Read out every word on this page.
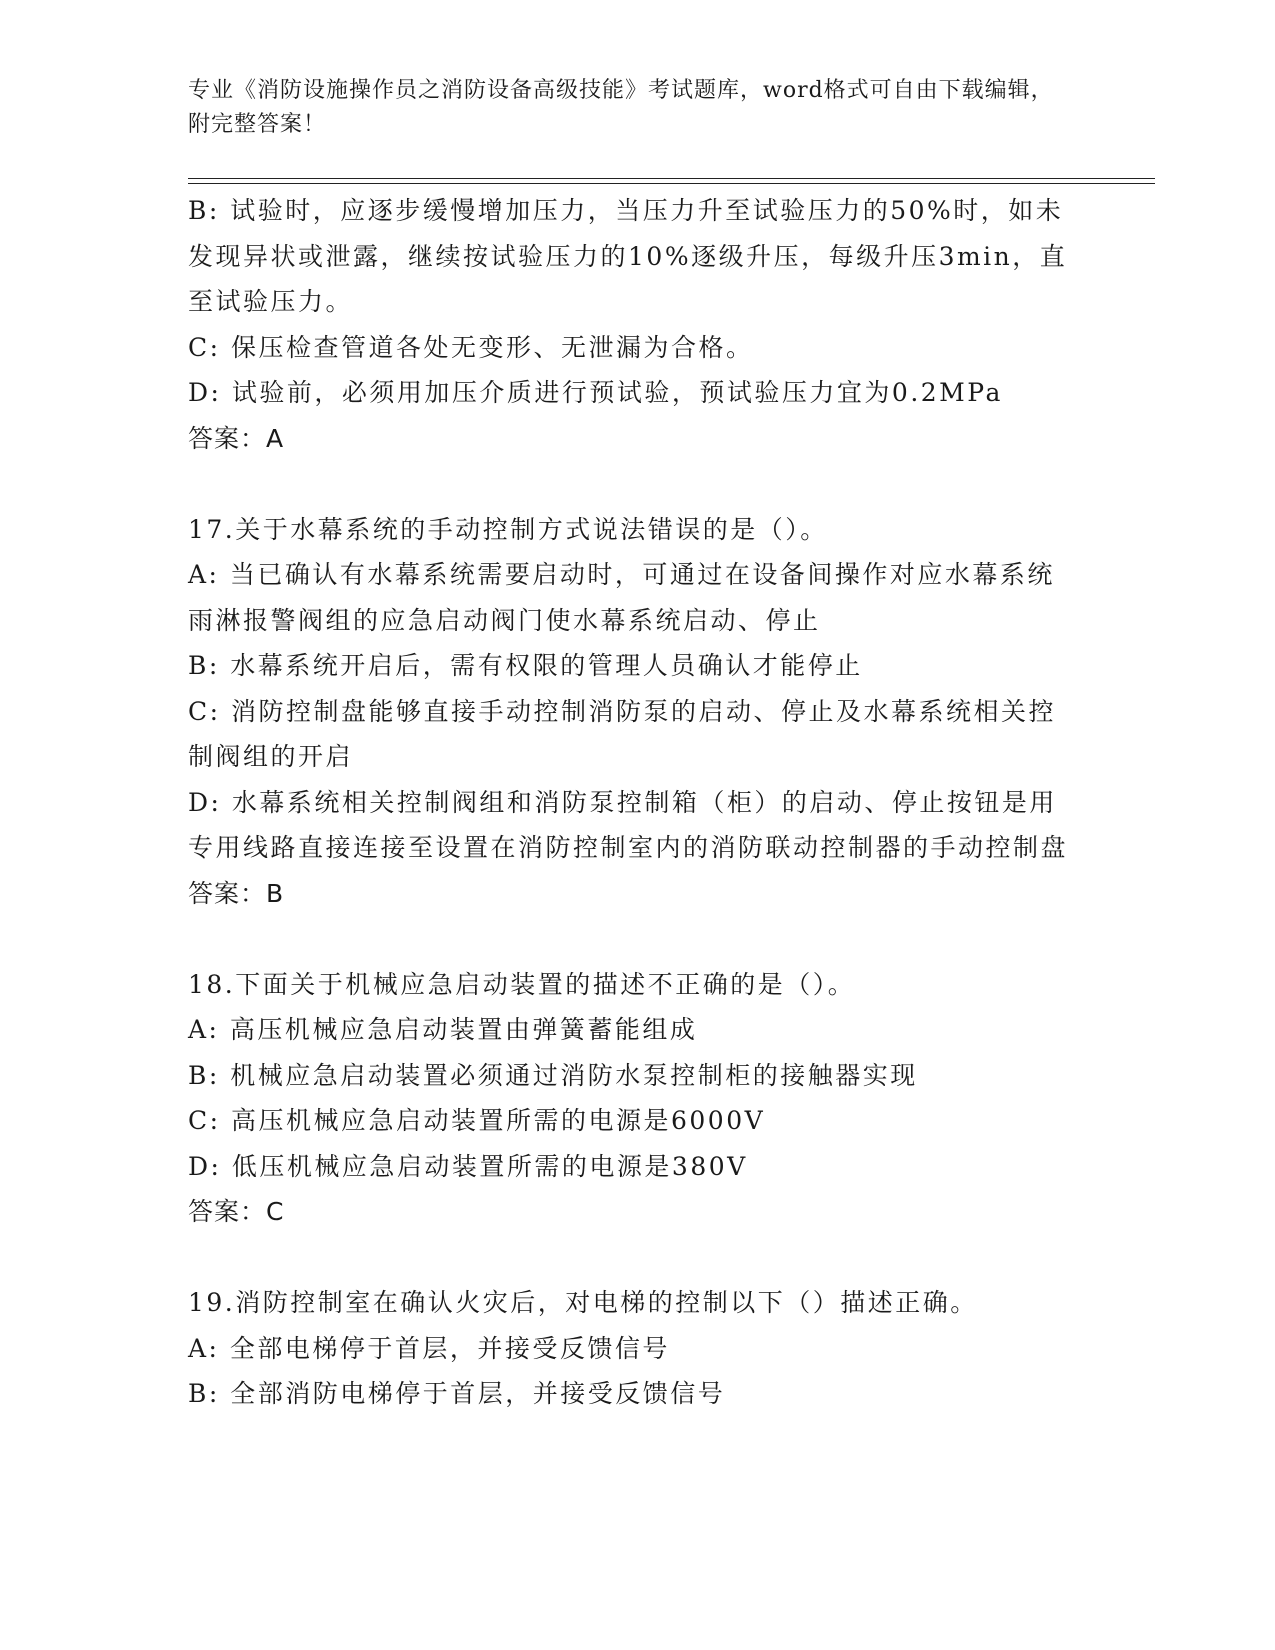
专业《消防设施操作员之消防设备高级技能》考试题库，word格式可自由下载编辑，附完整答案！

B: 试验时，应逐步缓慢增加压力，当压力升至试验压力的50%时，如未发现异状或泄露，继续按试验压力的10%逐级升压，每级升压3min，直至试验压力。

C: 保压检查管道各处无变形、无泄漏为合格。

D: 试验前，必须用加压介质进行预试验，预试验压力宜为0.2MPa

答案：A

17.关于水幕系统的手动控制方式说法错误的是（）。

A: 当已确认有水幕系统需要启动时，可通过在设备间操作对应水幕系统雨淋报警阀组的应急启动阀门使水幕系统启动、停止

B: 水幕系统开启后，需有权限的管理人员确认才能停止

C: 消防控制盘能够直接手动控制消防泵的启动、停止及水幕系统相关控制阀组的开启

D: 水幕系统相关控制阀组和消防泵控制箱（柜）的启动、停止按钮是用专用线路直接连接至设置在消防控制室内的消防联动控制器的手动控制盘

答案：B

18.下面关于机械应急启动装置的描述不正确的是（）。

A: 高压机械应急启动装置由弹簧蓄能组成

B: 机械应急启动装置必须通过消防水泵控制柜的接触器实现

C: 高压机械应急启动装置所需的电源是6000V

D: 低压机械应急启动装置所需的电源是380V

答案：C

19.消防控制室在确认火灾后，对电梯的控制以下（）描述正确。

A: 全部电梯停于首层，并接受反馈信号

B: 全部消防电梯停于首层，并接受反馈信号
